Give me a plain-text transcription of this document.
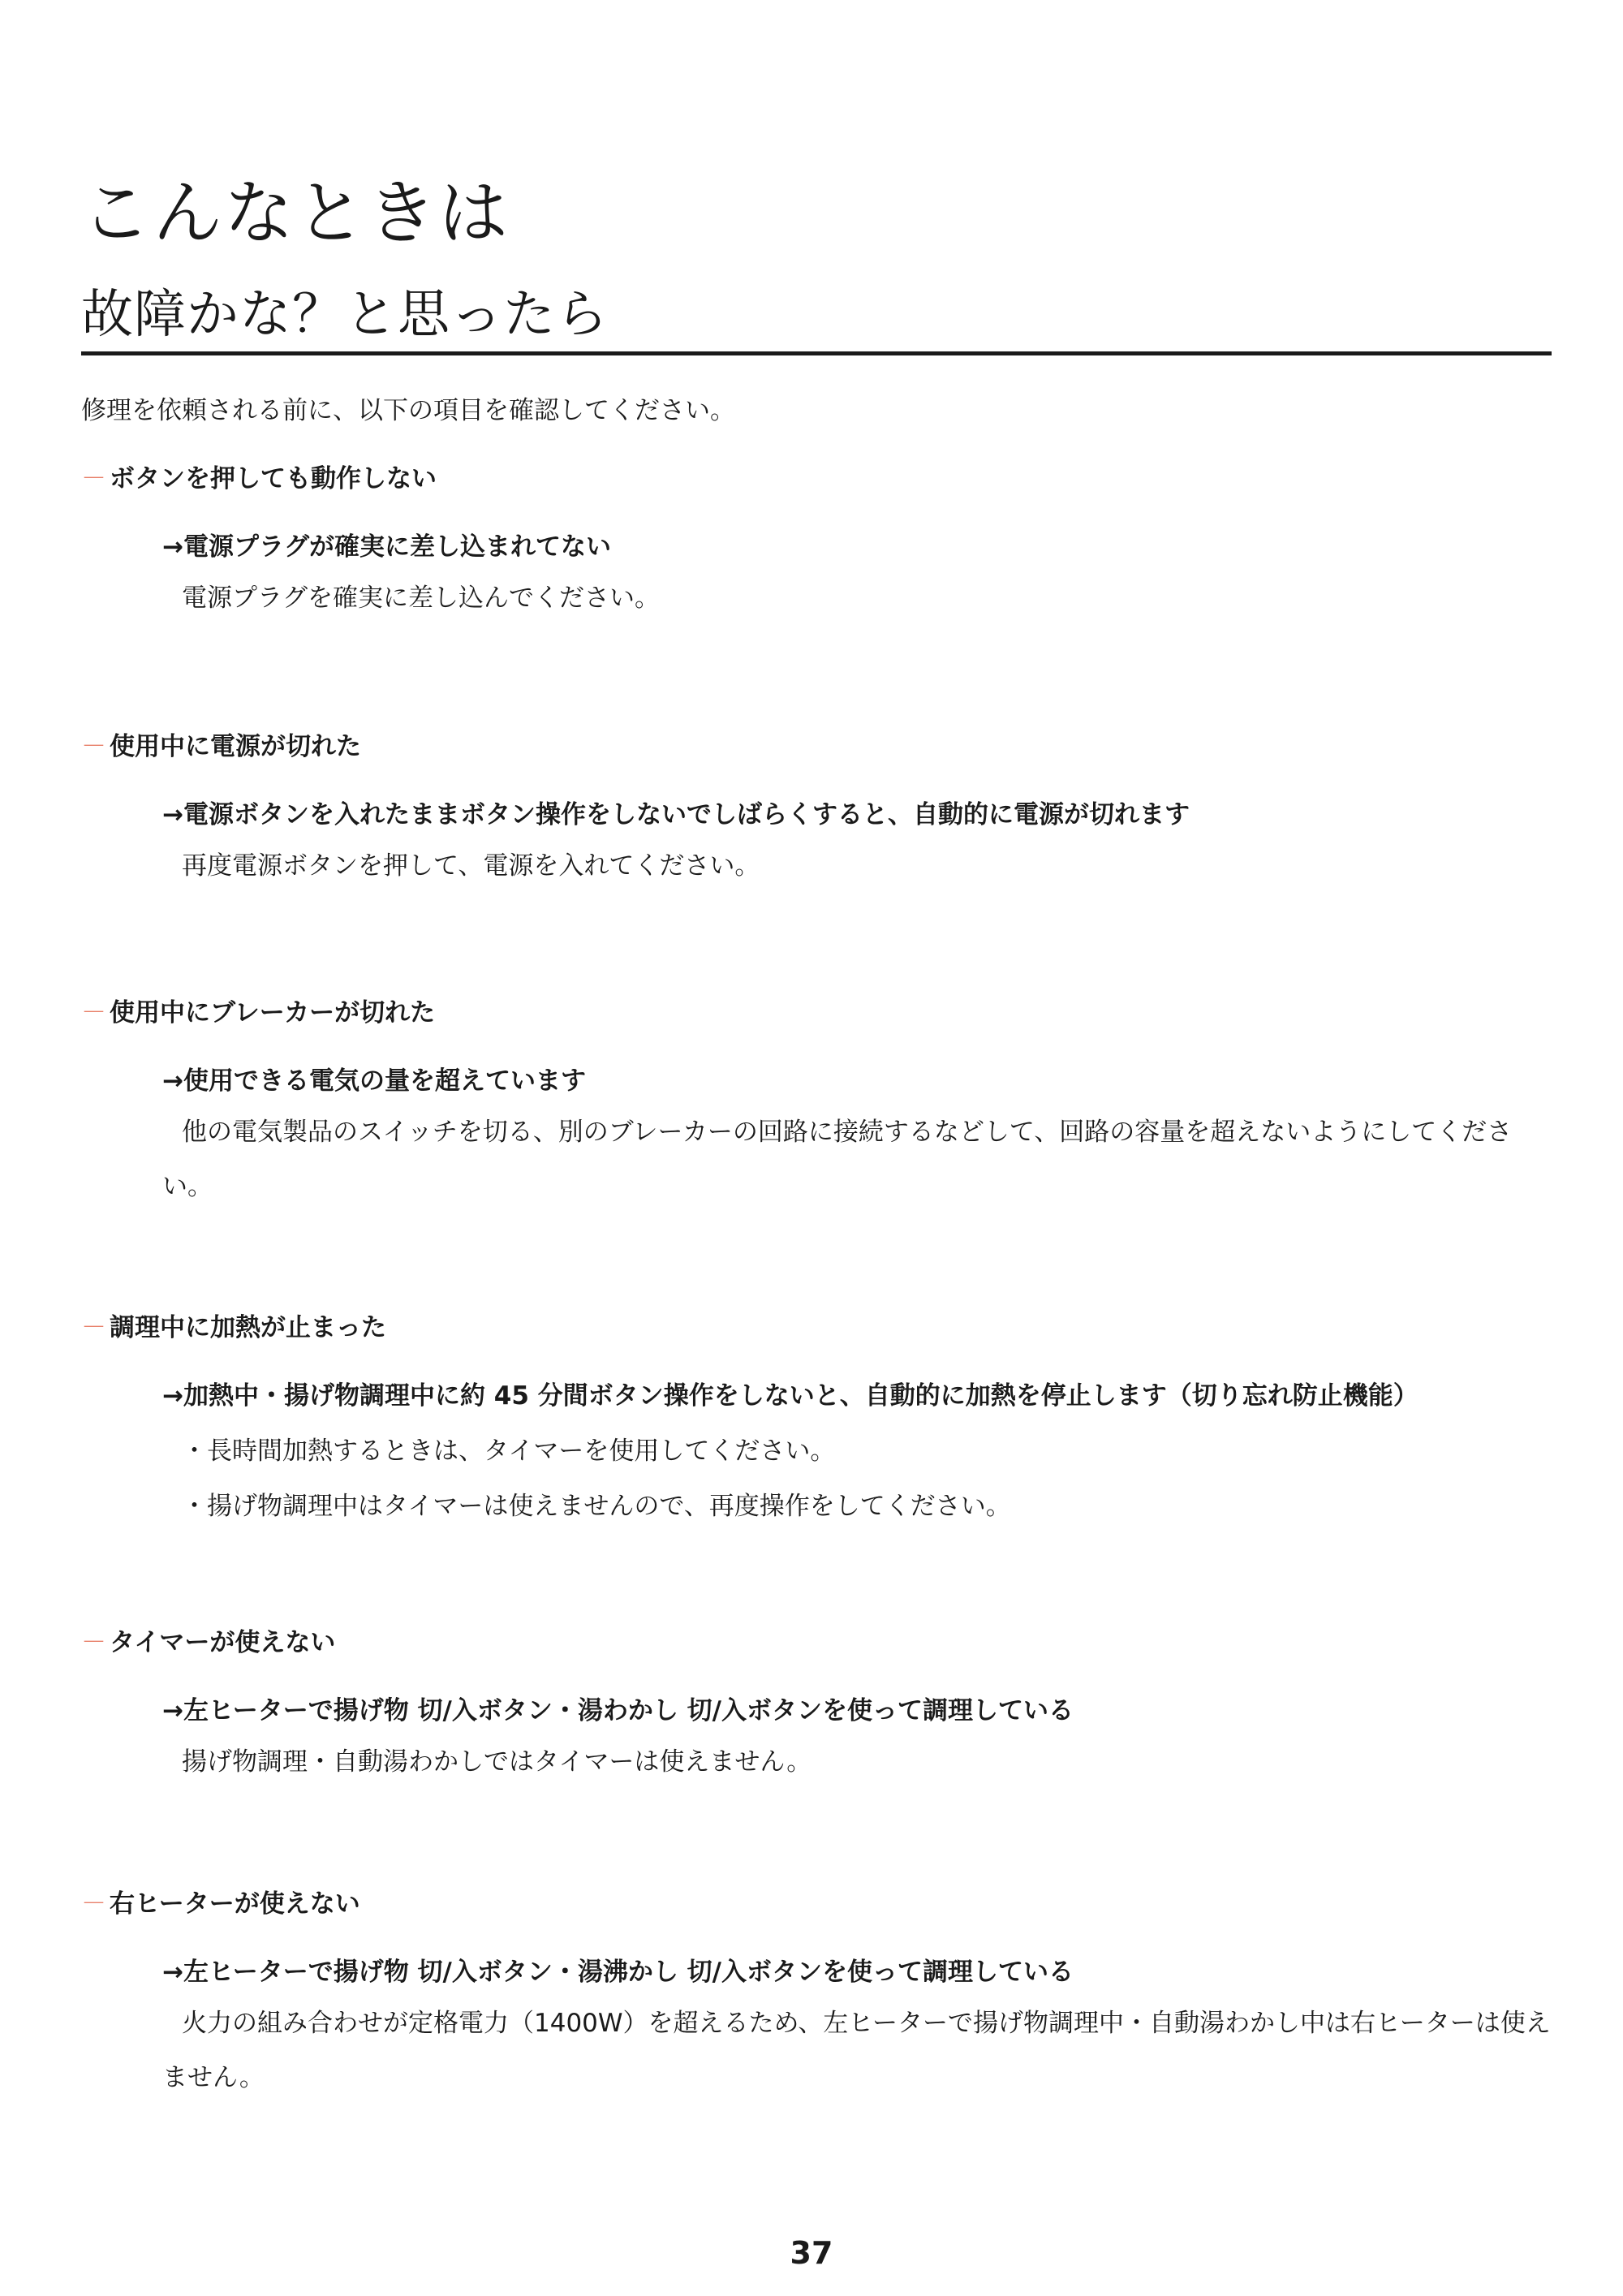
こんなときは
故障かな？と思ったら

修理を依頼される前に、以下の項目を確認してください。

－ ボタンを押しても動作しない
→電源プラグが確実に差し込まれてない
電源プラグを確実に差し込んでください。
－ 使用中に電源が切れた
→電源ボタンを入れたままボタン操作をしないでしばらくすると、自動的に電源が切れます
再度電源ボタンを押して、電源を入れてください。
－ 使用中にブレーカーが切れた
→使用できる電気の量を超えています
他の電気製品のスイッチを切る、別のブレーカーの回路に接続するなどして、回路の容量を超えないようにしてください。
－ 調理中に加熱が止まった
→加熱中・揚げ物調理中に約 45 分間ボタン操作をしないと、自動的に加熱を停止します（切り忘れ防止機能）
・長時間加熱するときは、タイマーを使用してください。
・揚げ物調理中はタイマーは使えませんので、再度操作をしてください。
－ タイマーが使えない
→左ヒーターで揚げ物 切/入ボタン・湯わかし 切/入ボタンを使って調理している
揚げ物調理・自動湯わかしではタイマーは使えません。
－ 右ヒーターが使えない
→左ヒーターで揚げ物 切/入ボタン・湯沸かし 切/入ボタンを使って調理している
火力の組み合わせが定格電力（1400W）を超えるため、左ヒーターで揚げ物調理中・自動湯わかし中は右ヒーターは使えません。
37
